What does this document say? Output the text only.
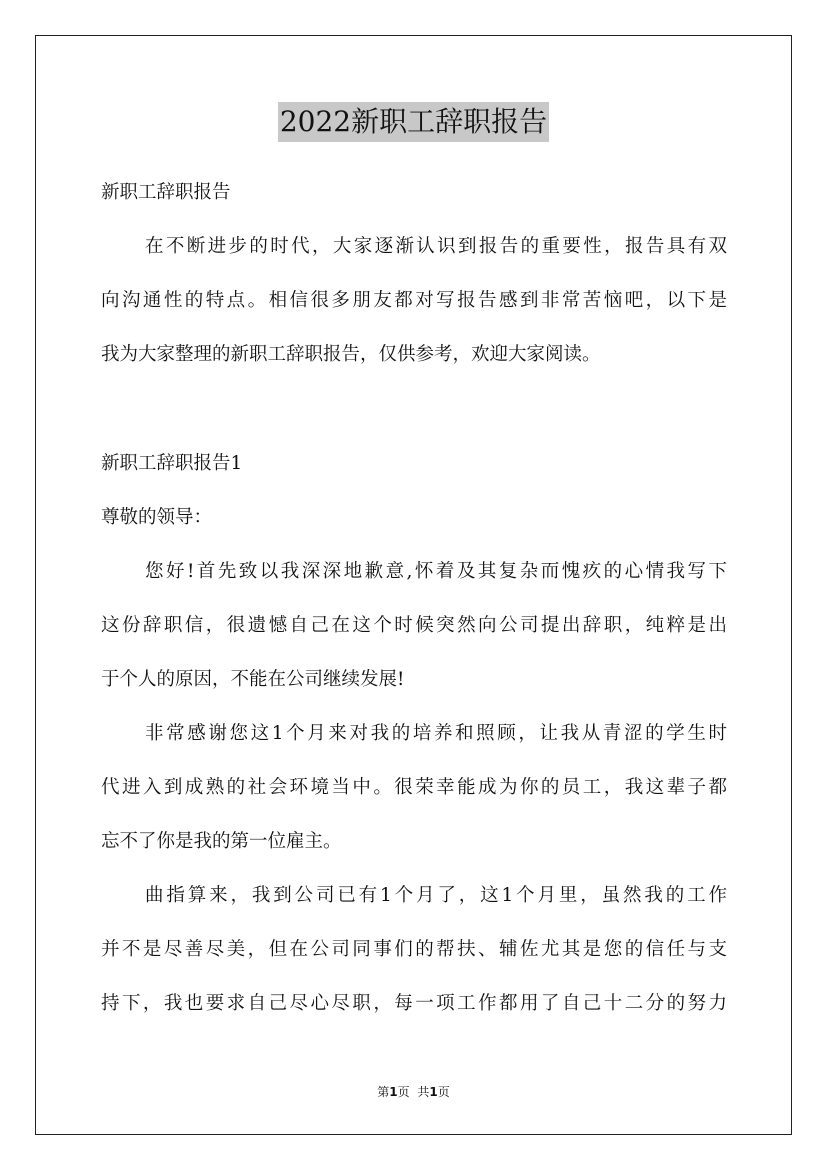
2022新职工辞职报告
新职工辞职报告
在不断进步的时代，大家逐渐认识到报告的重要性，报告具有双
向沟通性的特点。相信很多朋友都对写报告感到非常苦恼吧，以下是
我为大家整理的新职工辞职报告，仅供参考，欢迎大家阅读。
新职工辞职报告1
尊敬的领导：
您好!首先致以我深深地歉意,怀着及其复杂而愧疚的心情我写下
这份辞职信，很遗憾自己在这个时候突然向公司提出辞职，纯粹是出
于个人的原因，不能在公司继续发展!
非常感谢您这1个月来对我的培养和照顾，让我从青涩的学生时
代进入到成熟的社会环境当中。很荣幸能成为你的员工，我这辈子都
忘不了你是我的第一位雇主。
曲指算来，我到公司已有1个月了，这1个月里，虽然我的工作
并不是尽善尽美，但在公司同事们的帮扶、辅佐尤其是您的信任与支
持下，我也要求自己尽心尽职，每一项工作都用了自己十二分的努力
第1页 共1页
